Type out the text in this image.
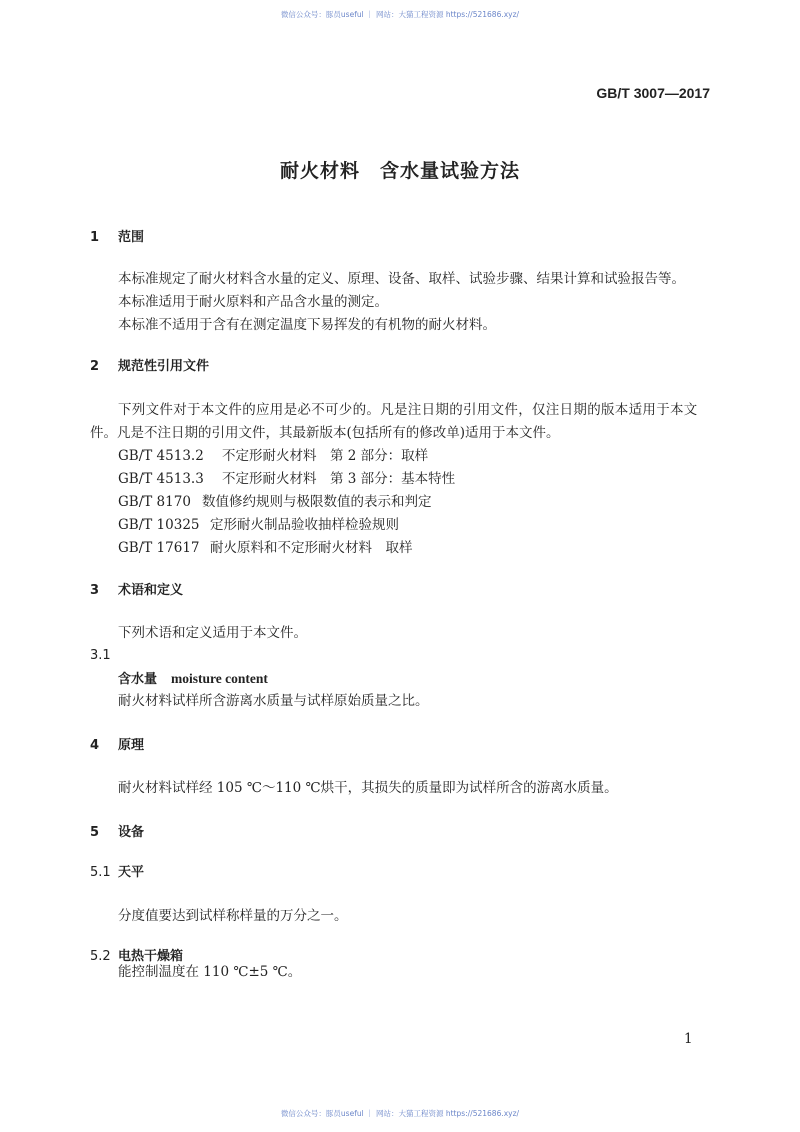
微信公众号：豚员useful ｜ 网站：大猫工程资源 https://521686.xyz/
GB/T 3007—2017
耐火材料　含水量试验方法
1 范围
本标准规定了耐火材料含水量的定义、原理、设备、取样、试验步骤、结果计算和试验报告等。
本标准适用于耐火原料和产品含水量的测定。
本标准不适用于含有在测定温度下易挥发的有机物的耐火材料。
2 规范性引用文件
下列文件对于本文件的应用是必不可少的。凡是注日期的引用文件，仅注日期的版本适用于本文
件。凡是不注日期的引用文件，其最新版本(包括所有的修改单)适用于本文件。
GB/T 4513.2 不定形耐火材料　第 2 部分：取样
GB/T 4513.3 不定形耐火材料　第 3 部分：基本特性
GB/T 8170 数值修约规则与极限数值的表示和判定
GB/T 10325 定形耐火制品验收抽样检验规则
GB/T 17617 耐火原料和不定形耐火材料　取样
3 术语和定义
下列术语和定义适用于本文件。
3.1
含水量 moisture content
耐火材料试样所含游离水质量与试样原始质量之比。
4 原理
耐火材料试样经 105 ℃～110 ℃烘干，其损失的质量即为试样所含的游离水质量。
5 设备
5.1 天平
分度值要达到试样称样量的万分之一。
5.2 电热干燥箱
能控制温度在 110 ℃±5 ℃。
1
微信公众号：豚员useful ｜ 网站：大猫工程资源 https://521686.xyz/
